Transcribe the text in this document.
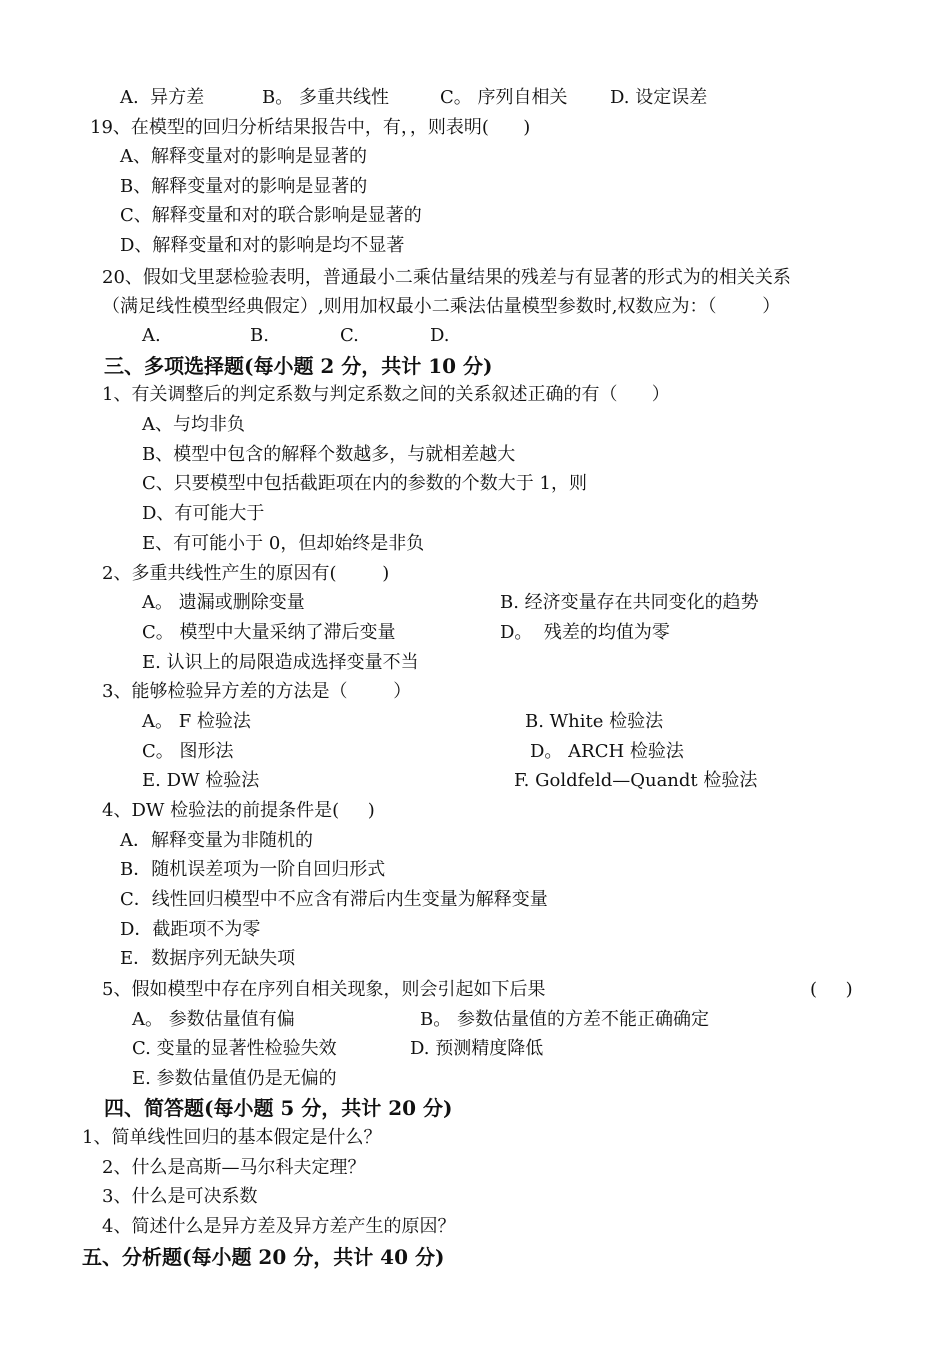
A.  异方差	B。 多重共线性	C。 序列自相关 D. 设定误差
19、在模型的回归分析结果报告中，有，，则表明(      )
A、解释变量对的影响是显著的
B、解释变量对的影响是显著的
C、解释变量和对的联合影响是显著的
D、解释变量和对的影响是均不显著
20、假如戈里瑟检验表明，普通最小二乘估量结果的残差与有显著的形式为的相关关系
（满足线性模型经典假定）,则用加权最小二乘法估量模型参数时,权数应为：（        ）
A.	B.	C.	D.
三、多项选择题(每小题 2 分，共计 10 分)
1、有关调整后的判定系数与判定系数之间的关系叙述正确的有（      ）
A、与均非负
B、模型中包含的解释个数越多，与就相差越大
C、只要模型中包括截距项在内的参数的个数大于 1，则
D、有可能大于
E、有可能小于 0，但却始终是非负
2、多重共线性产生的原因有(        )
A。 遗漏或删除变量	B. 经济变量存在共同变化的趋势
C。 模型中大量采纳了滞后变量	D。  残差的均值为零
E. 认识上的局限造成选择变量不当
3、能够检验异方差的方法是（        ）
A。 F 检验法	B. White 检验法
C。 图形法	D。 ARCH 检验法
E. DW 检验法	F. Goldfeld—Quandt 检验法
4、DW 检验法的前提条件是(     )
A．解释变量为非随机的
B．随机误差项为一阶自回归形式
C．线性回归模型中不应含有滞后内生变量为解释变量
D．截距项不为零
E．数据序列无缺失项
5、假如模型中存在序列自相关现象，则会引起如下后果	(     )
A。 参数估量值有偏	B。 参数估量值的方差不能正确确定
C. 变量的显著性检验失效	D. 预测精度降低
E. 参数估量值仍是无偏的
四、简答题(每小题 5 分，共计 20 分)
1、简单线性回归的基本假定是什么？
2、什么是高斯—马尔科夫定理？
3、什么是可决系数
4、简述什么是异方差及异方差产生的原因？
五、分析题(每小题 20 分，共计 40 分)
